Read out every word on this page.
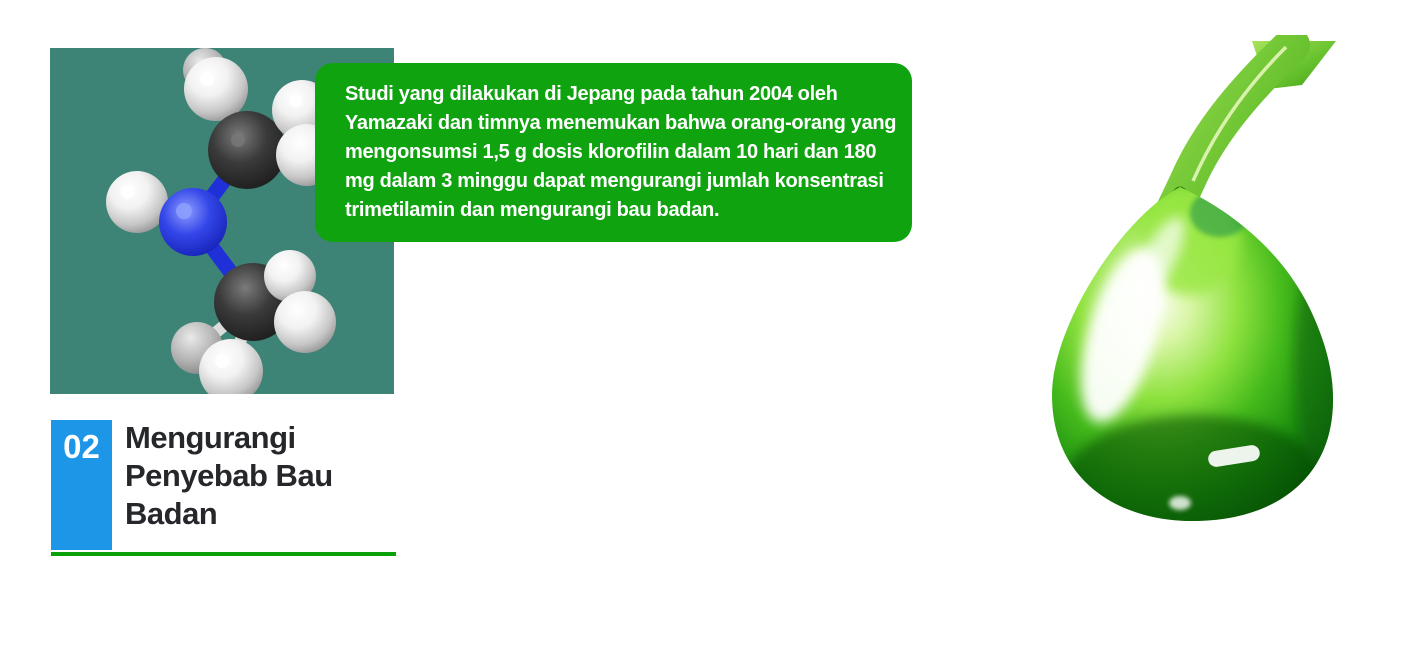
Studi yang dilakukan di Jepang pada tahun 2004 oleh
Yamazaki dan timnya menemukan bahwa orang-orang yang
mengonsumsi 1,5 g dosis klorofilin dalam 10 hari dan 180
mg dalam 3 minggu dapat mengurangi jumlah konsentrasi
trimetilamin dan mengurangi bau badan.
02 Mengurangi Penyebab Bau Badan
